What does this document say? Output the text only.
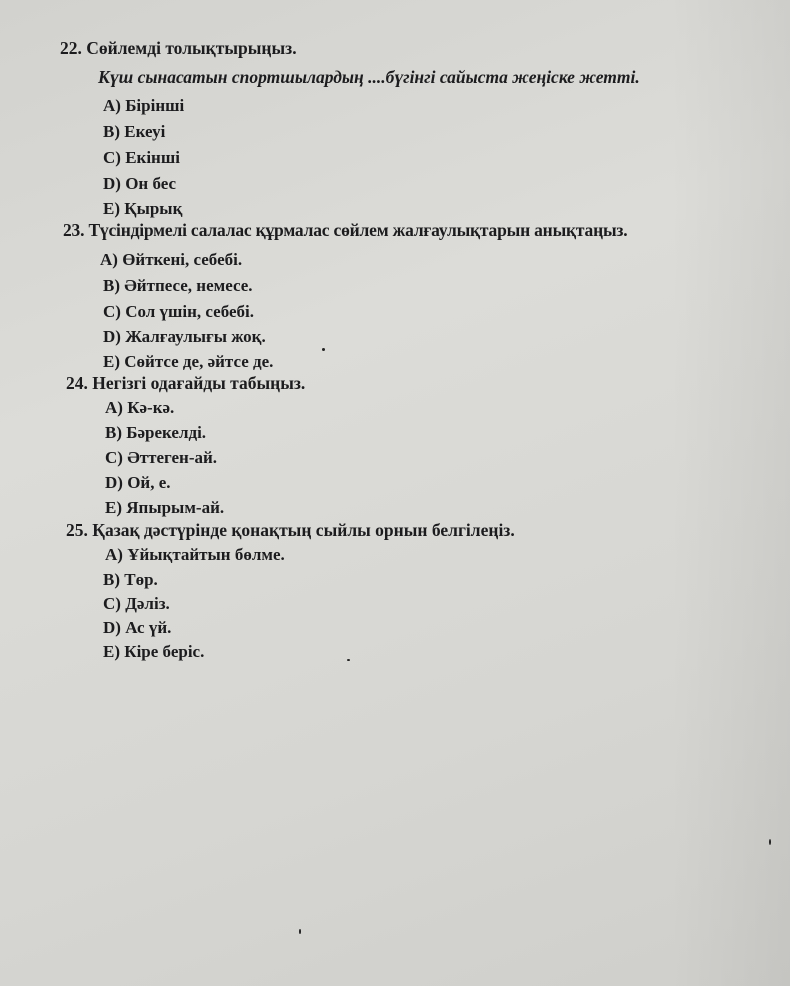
22. Сөйлемді толықтырыңыз.
Күш сынасатын спортшылардың ....бүгінгі сайыста жеңіске жетті.
А) Бірінші
В) Екеуі
С) Екінші
D) Он бес
Е) Қырық
23. Түсіндірмелі салалас құрмалас сөйлем жалғаулықтарын анықтаңыз.
А) Өйткені, себебі.
В) Әйтпесе, немесе.
С) Сол үшін, себебі.
D) Жалғаулығы жоқ.
Е) Сөйтсе де, әйтсе де.
24. Негізгі одағайды табыңыз.
А) Кә-кә.
В) Бәрекелді.
С) Әттеген-ай.
D) Ой, е.
Е) Япырым-ай.
25. Қазақ дәстүрінде қонақтың сыйлы орнын белгілеңіз.
А) Ұйықтайтын бөлме.
В) Төр.
С) Дәліз.
D) Ас үй.
Е) Кіре беріс.
